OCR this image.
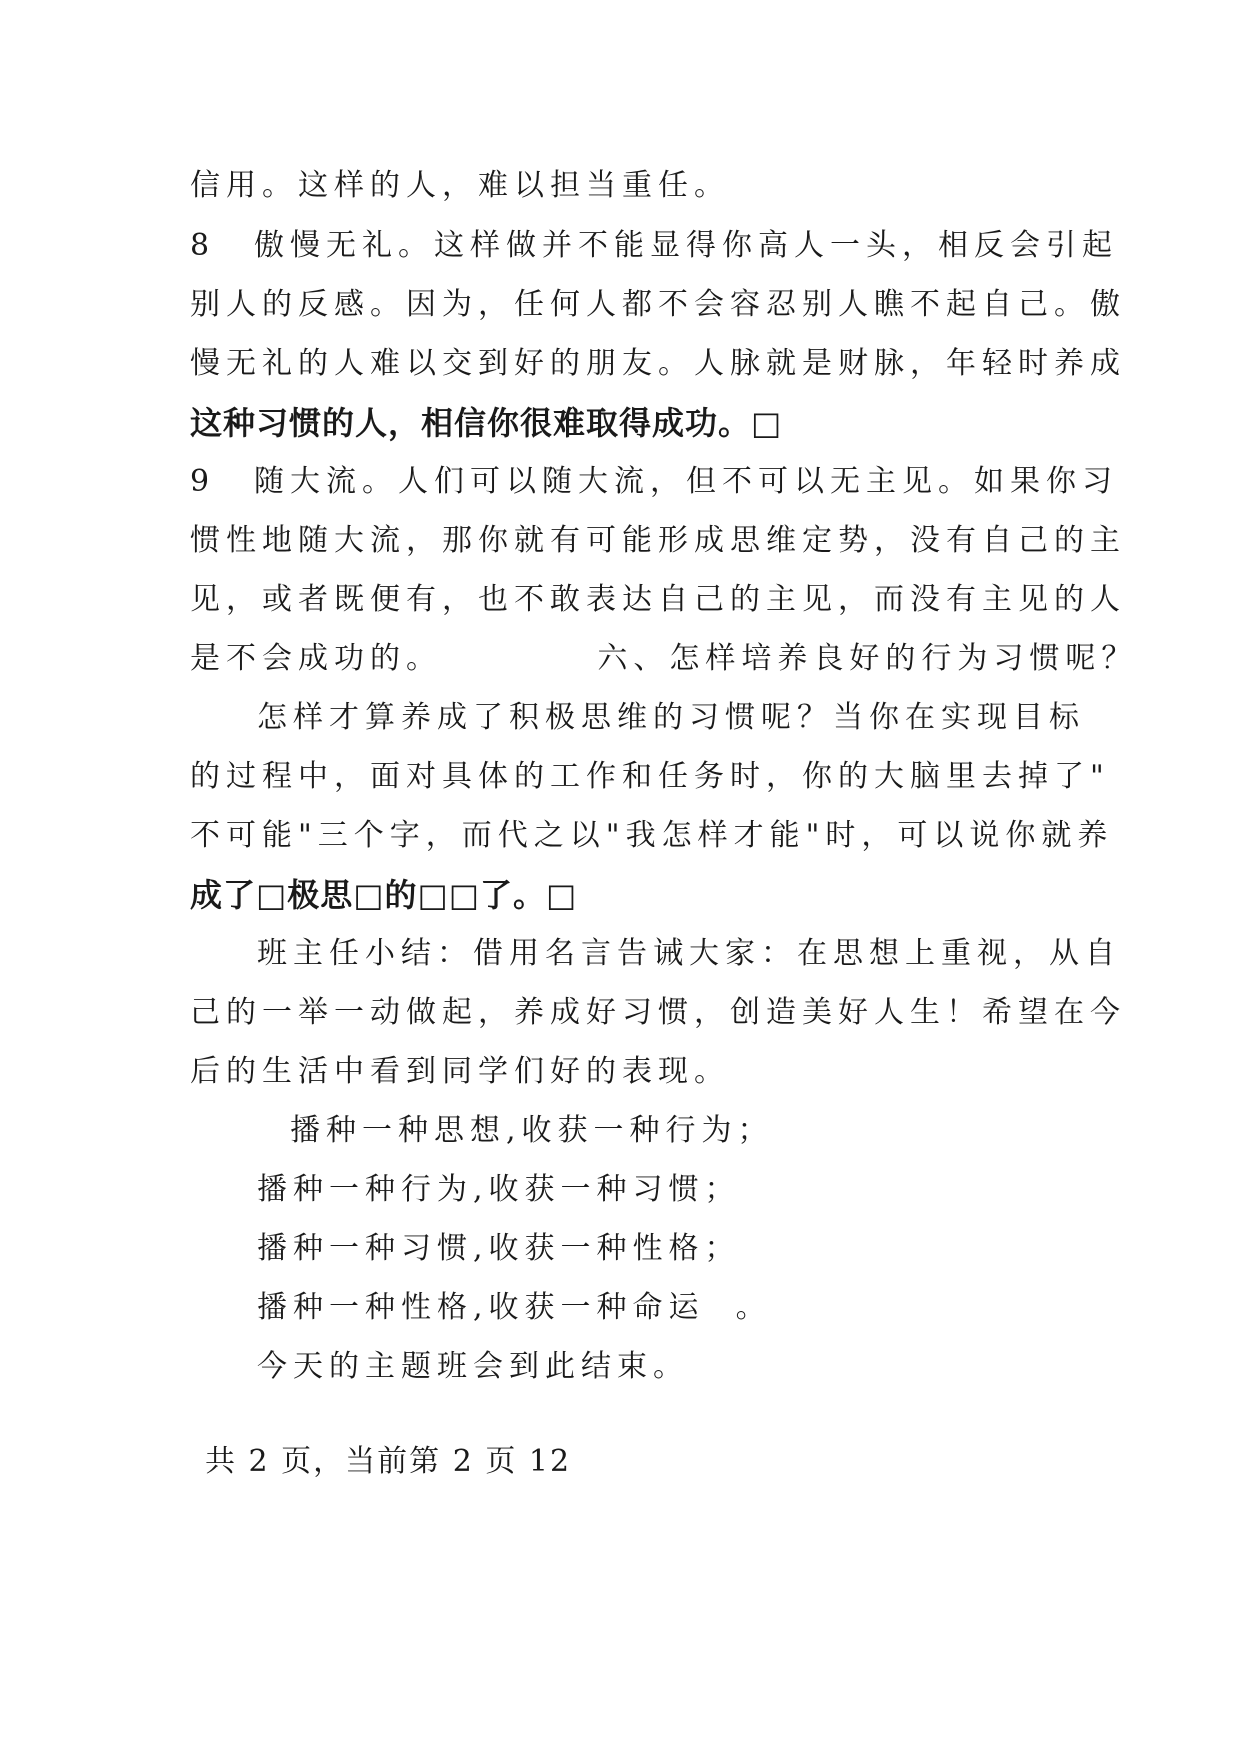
信用。这样的人，难以担当重任。
8 傲慢无礼。这样做并不能显得你高人一头，相反会引起
别人的反感。因为，任何人都不会容忍别人瞧不起自己。傲
慢无礼的人难以交到好的朋友。人脉就是财脉，年轻时养成
这种习惯的人，相信你很难取得成功。□
9 随大流。人们可以随大流，但不可以无主见。如果你习
惯性地随大流，那你就有可能形成思维定势，没有自己的主
见，或者既便有，也不敢表达自己的主见，而没有主见的人
是不会成功的。          六、怎样培养良好的行为习惯呢？
怎样才算养成了积极思维的习惯呢？当你在实现目标
的过程中，面对具体的工作和任务时，你的大脑里去掉了"
不可能"三个字，而代之以"我怎样才能"时，可以说你就养
成了□极思□的□□了。□
班主任小结：借用名言告诫大家：在思想上重视，从自
己的一举一动做起，养成好习惯，创造美好人生！希望在今
后的生活中看到同学们好的表现。
播种一种思想,收获一种行为；
播种一种行为,收获一种习惯；
播种一种习惯,收获一种性格；
播种一种性格,收获一种命运  。
今天的主题班会到此结束。
共 2 页，当前第 2 页 12
